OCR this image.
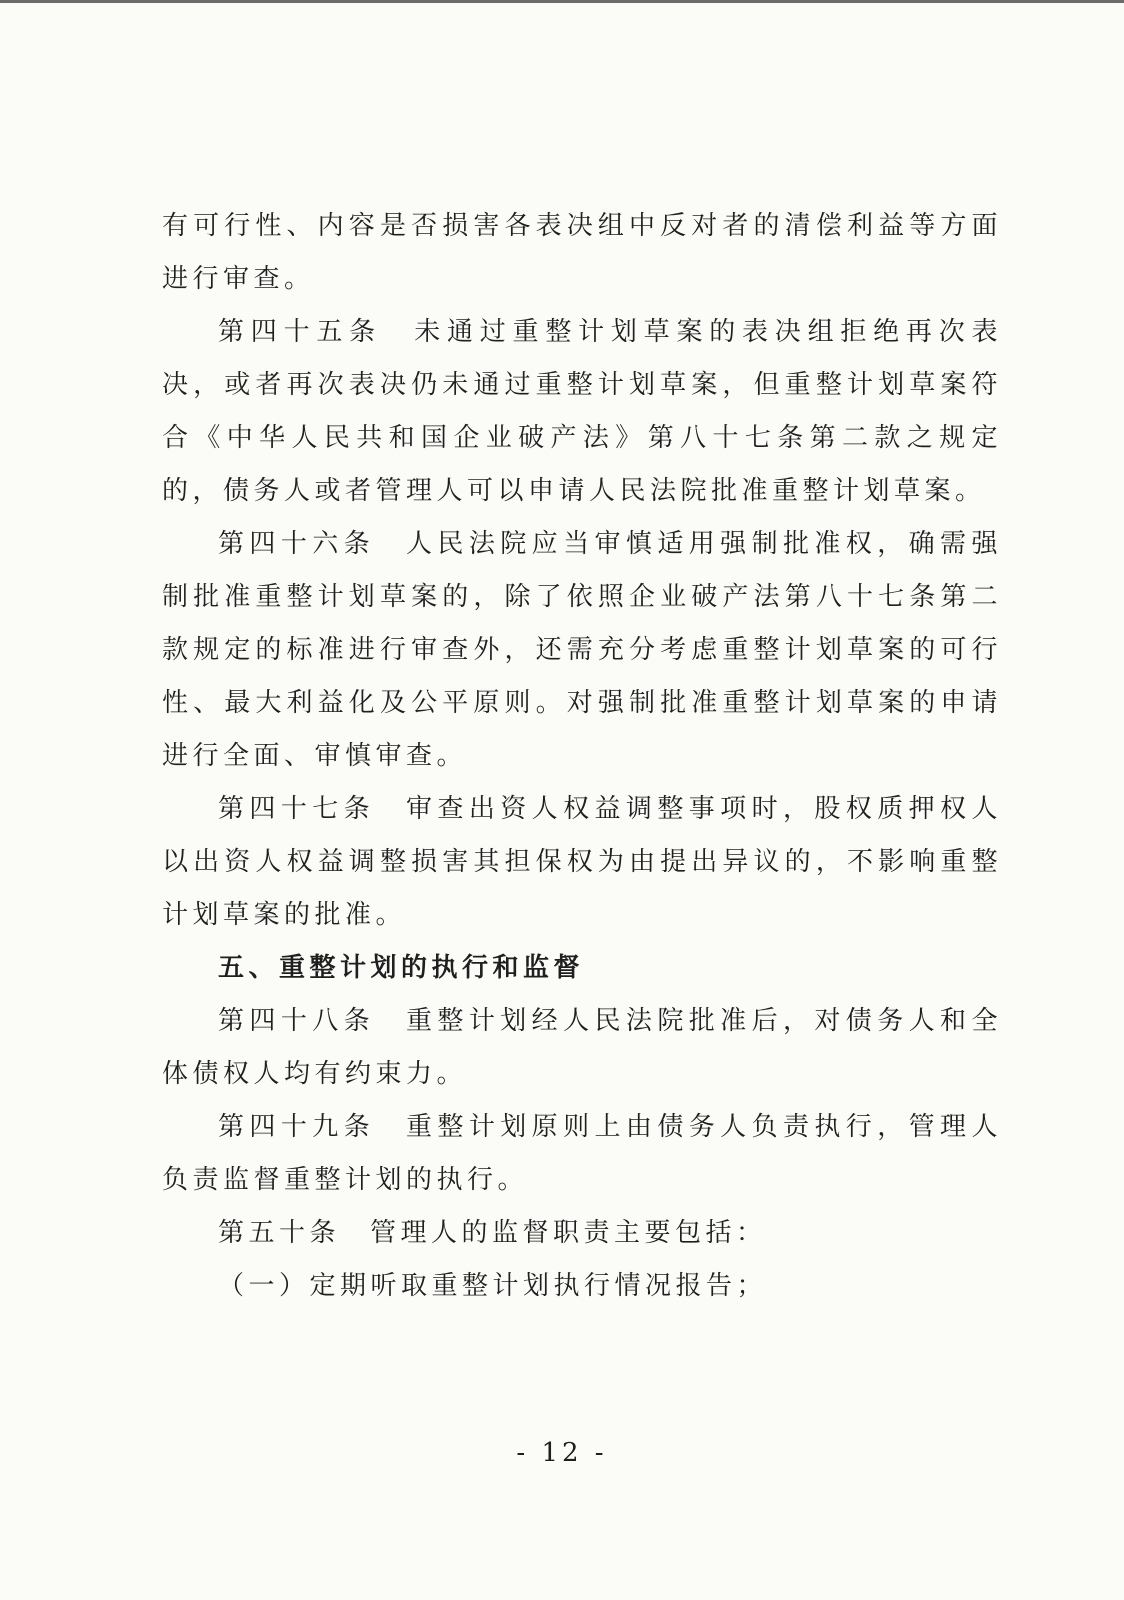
有可行性、内容是否损害各表决组中反对者的清偿利益等方面进行审查。

第四十五条 未通过重整计划草案的表决组拒绝再次表决，或者再次表决仍未通过重整计划草案，但重整计划草案符合《中华人民共和国企业破产法》第八十七条第二款之规定的，债务人或者管理人可以申请人民法院批准重整计划草案。

第四十六条 人民法院应当审慎适用强制批准权，确需强制批准重整计划草案的，除了依照企业破产法第八十七条第二款规定的标准进行审查外，还需充分考虑重整计划草案的可行性、最大利益化及公平原则。对强制批准重整计划草案的申请进行全面、审慎审查。

第四十七条 审查出资人权益调整事项时，股权质押权人以出资人权益调整损害其担保权为由提出异议的，不影响重整计划草案的批准。

五、重整计划的执行和监督

第四十八条 重整计划经人民法院批准后，对债务人和全体债权人均有约束力。

第四十九条 重整计划原则上由债务人负责执行，管理人负责监督重整计划的执行。

第五十条 管理人的监督职责主要包括：

（一）定期听取重整计划执行情况报告；

- 12 -
